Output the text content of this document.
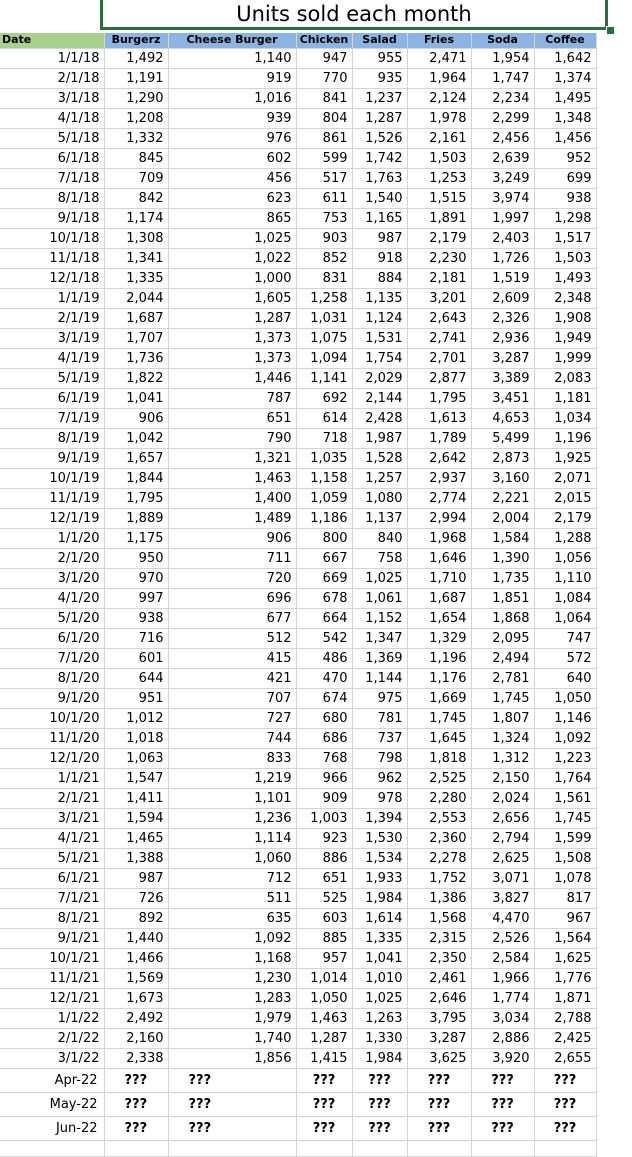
Units sold each month
Date	Burgerz	Cheese Burger	Chicken	Salad	Fries	Soda	Coffee
1/1/18	1,492	1,140	947	955	2,471	1,954	1,642
2/1/18	1,191	919	770	935	1,964	1,747	1,374
3/1/18	1,290	1,016	841	1,237	2,124	2,234	1,495
4/1/18	1,208	939	804	1,287	1,978	2,299	1,348
5/1/18	1,332	976	861	1,526	2,161	2,456	1,456
6/1/18	845	602	599	1,742	1,503	2,639	952
7/1/18	709	456	517	1,763	1,253	3,249	699
8/1/18	842	623	611	1,540	1,515	3,974	938
9/1/18	1,174	865	753	1,165	1,891	1,997	1,298
10/1/18	1,308	1,025	903	987	2,179	2,403	1,517
11/1/18	1,341	1,022	852	918	2,230	1,726	1,503
12/1/18	1,335	1,000	831	884	2,181	1,519	1,493
1/1/19	2,044	1,605	1,258	1,135	3,201	2,609	2,348
2/1/19	1,687	1,287	1,031	1,124	2,643	2,326	1,908
3/1/19	1,707	1,373	1,075	1,531	2,741	2,936	1,949
4/1/19	1,736	1,373	1,094	1,754	2,701	3,287	1,999
5/1/19	1,822	1,446	1,141	2,029	2,877	3,389	2,083
6/1/19	1,041	787	692	2,144	1,795	3,451	1,181
7/1/19	906	651	614	2,428	1,613	4,653	1,034
8/1/19	1,042	790	718	1,987	1,789	5,499	1,196
9/1/19	1,657	1,321	1,035	1,528	2,642	2,873	1,925
10/1/19	1,844	1,463	1,158	1,257	2,937	3,160	2,071
11/1/19	1,795	1,400	1,059	1,080	2,774	2,221	2,015
12/1/19	1,889	1,489	1,186	1,137	2,994	2,004	2,179
1/1/20	1,175	906	800	840	1,968	1,584	1,288
2/1/20	950	711	667	758	1,646	1,390	1,056
3/1/20	970	720	669	1,025	1,710	1,735	1,110
4/1/20	997	696	678	1,061	1,687	1,851	1,084
5/1/20	938	677	664	1,152	1,654	1,868	1,064
6/1/20	716	512	542	1,347	1,329	2,095	747
7/1/20	601	415	486	1,369	1,196	2,494	572
8/1/20	644	421	470	1,144	1,176	2,781	640
9/1/20	951	707	674	975	1,669	1,745	1,050
10/1/20	1,012	727	680	781	1,745	1,807	1,146
11/1/20	1,018	744	686	737	1,645	1,324	1,092
12/1/20	1,063	833	768	798	1,818	1,312	1,223
1/1/21	1,547	1,219	966	962	2,525	2,150	1,764
2/1/21	1,411	1,101	909	978	2,280	2,024	1,561
3/1/21	1,594	1,236	1,003	1,394	2,553	2,656	1,745
4/1/21	1,465	1,114	923	1,530	2,360	2,794	1,599
5/1/21	1,388	1,060	886	1,534	2,278	2,625	1,508
6/1/21	987	712	651	1,933	1,752	3,071	1,078
7/1/21	726	511	525	1,984	1,386	3,827	817
8/1/21	892	635	603	1,614	1,568	4,470	967
9/1/21	1,440	1,092	885	1,335	2,315	2,526	1,564
10/1/21	1,466	1,168	957	1,041	2,350	2,584	1,625
11/1/21	1,569	1,230	1,014	1,010	2,461	1,966	1,776
12/1/21	1,673	1,283	1,050	1,025	2,646	1,774	1,871
1/1/22	2,492	1,979	1,463	1,263	3,795	3,034	2,788
2/1/22	2,160	1,740	1,287	1,330	3,287	2,886	2,425
3/1/22	2,338	1,856	1,415	1,984	3,625	3,920	2,655
Apr-22	???	???	???	???	???	???	???
May-22	???	???	???	???	???	???	???
Jun-22	???	???	???	???	???	???	???
